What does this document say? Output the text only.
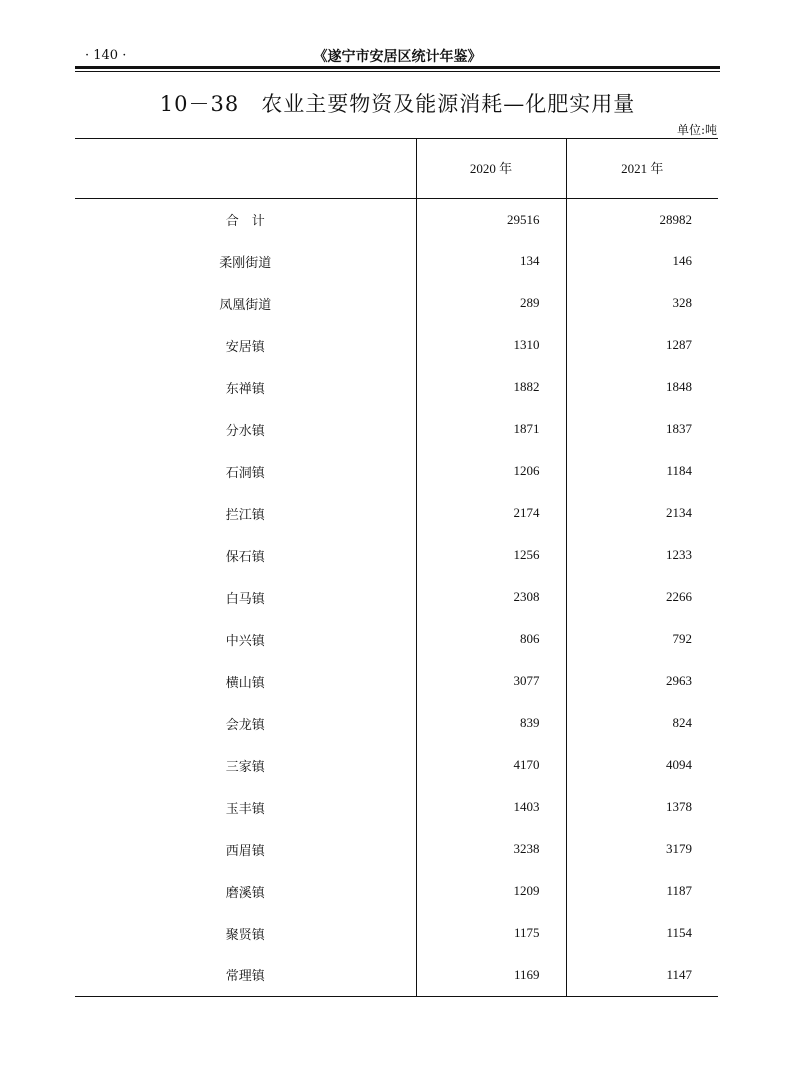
· 140 ·	《遂宁市安居区统计年鉴》
10－38　农业主要物资及能源消耗—化肥实用量
单位:吨
	2020 年	2021 年
合　计	29516	28982
柔刚街道	134	146
凤凰街道	289	328
安居镇	1310	1287
东禅镇	1882	1848
分水镇	1871	1837
石洞镇	1206	1184
拦江镇	2174	2134
保石镇	1256	1233
白马镇	2308	2266
中兴镇	806	792
横山镇	3077	2963
会龙镇	839	824
三家镇	4170	4094
玉丰镇	1403	1378
西眉镇	3238	3179
磨溪镇	1209	1187
聚贤镇	1175	1154
常理镇	1169	1147
